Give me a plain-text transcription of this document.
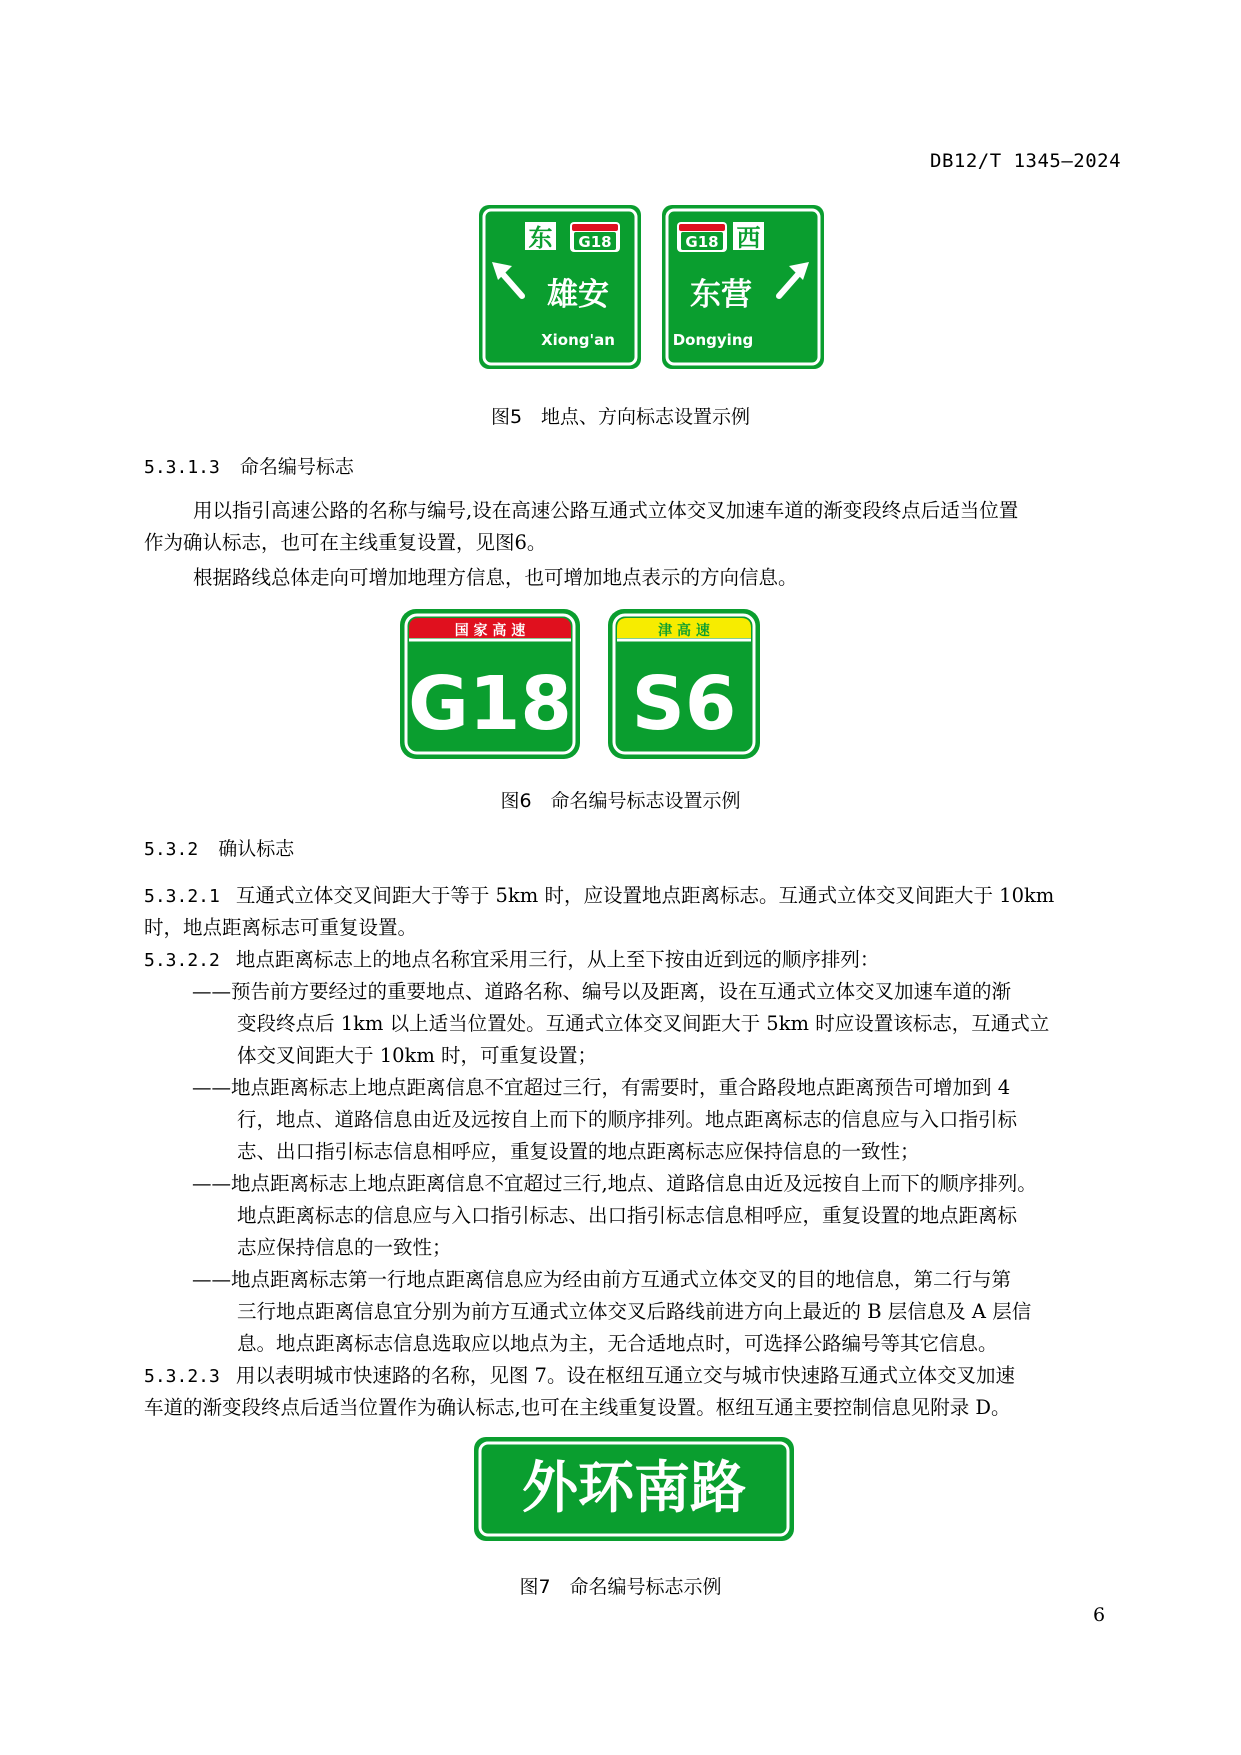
DB12/T 1345—2024
东 G18
雄安
Xiong'an
G18 西
东营
Dongying
图5　地点、方向标志设置示例
5.3.1.3 命名编号标志
用以指引高速公路的名称与编号,设在高速公路互通式立体交叉加速车道的渐变段终点后适当位置
作为确认标志，也可在主线重复设置，见图6。
根据路线总体走向可增加地理方信息，也可增加地点表示的方向信息。
国 家 高 速
G18
津 高 速
S6
图6　命名编号标志设置示例
5.3.2 确认标志
5.3.2.1 互通式立体交叉间距大于等于 5km 时，应设置地点距离标志。互通式立体交叉间距大于 10km
时，地点距离标志可重复设置。
5.3.2.2 地点距离标志上的地点名称宜采用三行，从上至下按由近到远的顺序排列：
——预告前方要经过的重要地点、道路名称、编号以及距离，设在互通式立体交叉加速车道的渐
变段终点后 1km 以上适当位置处。互通式立体交叉间距大于 5km 时应设置该标志，互通式立
体交叉间距大于 10km 时，可重复设置；
——地点距离标志上地点距离信息不宜超过三行，有需要时，重合路段地点距离预告可增加到 4
行，地点、道路信息由近及远按自上而下的顺序排列。地点距离标志的信息应与入口指引标
志、出口指引标志信息相呼应，重复设置的地点距离标志应保持信息的一致性；
——地点距离标志上地点距离信息不宜超过三行,地点、道路信息由近及远按自上而下的顺序排列。
地点距离标志的信息应与入口指引标志、出口指引标志信息相呼应，重复设置的地点距离标
志应保持信息的一致性；
——地点距离标志第一行地点距离信息应为经由前方互通式立体交叉的目的地信息，第二行与第
三行地点距离信息宜分别为前方互通式立体交叉后路线前进方向上最近的 B 层信息及 A 层信
息。地点距离标志信息选取应以地点为主，无合适地点时，可选择公路编号等其它信息。
5.3.2.3 用以表明城市快速路的名称，见图 7。设在枢纽互通立交与城市快速路互通式立体交叉加速
车道的渐变段终点后适当位置作为确认标志,也可在主线重复设置。枢纽互通主要控制信息见附录 D。
外环南路
图7　命名编号标志示例
6
